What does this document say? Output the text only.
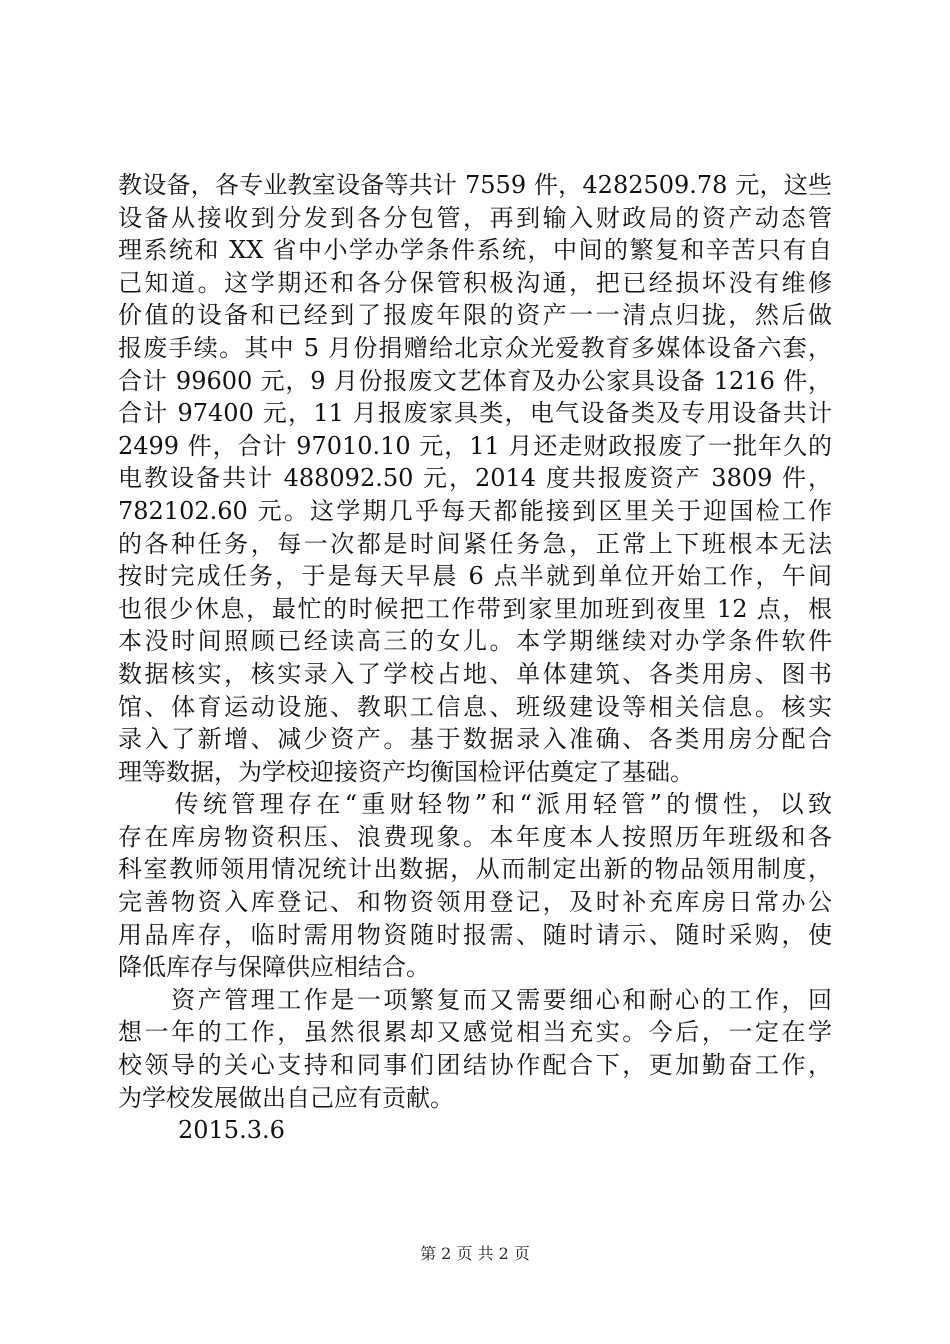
教设备，各专业教室设备等共计 7559 件，4282509.78 元，这些
设备从接收到分发到各分包管，再到输入财政局的资产动态管
理系统和 XX 省中小学办学条件系统，中间的繁复和辛苦只有自
己知道。这学期还和各分保管积极沟通，把已经损坏没有维修
价值的设备和已经到了报废年限的资产一一清点归拢，然后做
报废手续。其中 5 月份捐赠给北京众光爱教育多媒体设备六套，
合计 99600 元，9 月份报废文艺体育及办公家具设备 1216 件，
合计 97400 元，11 月报废家具类，电气设备类及专用设备共计
2499 件，合计 97010.10 元，11 月还走财政报废了一批年久的
电教设备共计 488092.50 元，2014 度共报废资产 3809 件，
782102.60 元。这学期几乎每天都能接到区里关于迎国检工作
的各种任务，每一次都是时间紧任务急，正常上下班根本无法
按时完成任务，于是每天早晨 6 点半就到单位开始工作，午间
也很少休息，最忙的时候把工作带到家里加班到夜里 12 点，根
本没时间照顾已经读高三的女儿。本学期继续对办学条件软件
数据核实，核实录入了学校占地、单体建筑、各类用房、图书
馆、体育运动设施、教职工信息、班级建设等相关信息。核实
录入了新增、减少资产。基于数据录入准确、各类用房分配合
理等数据，为学校迎接资产均衡国检评估奠定了基础。
　　传统管理存在“重财轻物”和“派用轻管”的惯性，以致
存在库房物资积压、浪费现象。本年度本人按照历年班级和各
科室教师领用情况统计出数据，从而制定出新的物品领用制度，
完善物资入库登记、和物资领用登记，及时补充库房日常办公
用品库存，临时需用物资随时报需、随时请示、随时采购，使
降低库存与保障供应相结合。
　　资产管理工作是一项繁复而又需要细心和耐心的工作，回
想一年的工作，虽然很累却又感觉相当充实。今后，一定在学
校领导的关心支持和同事们团结协作配合下，更加勤奋工作，
为学校发展做出自己应有贡献。
2015.3.6
第 2 页 共 2 页
